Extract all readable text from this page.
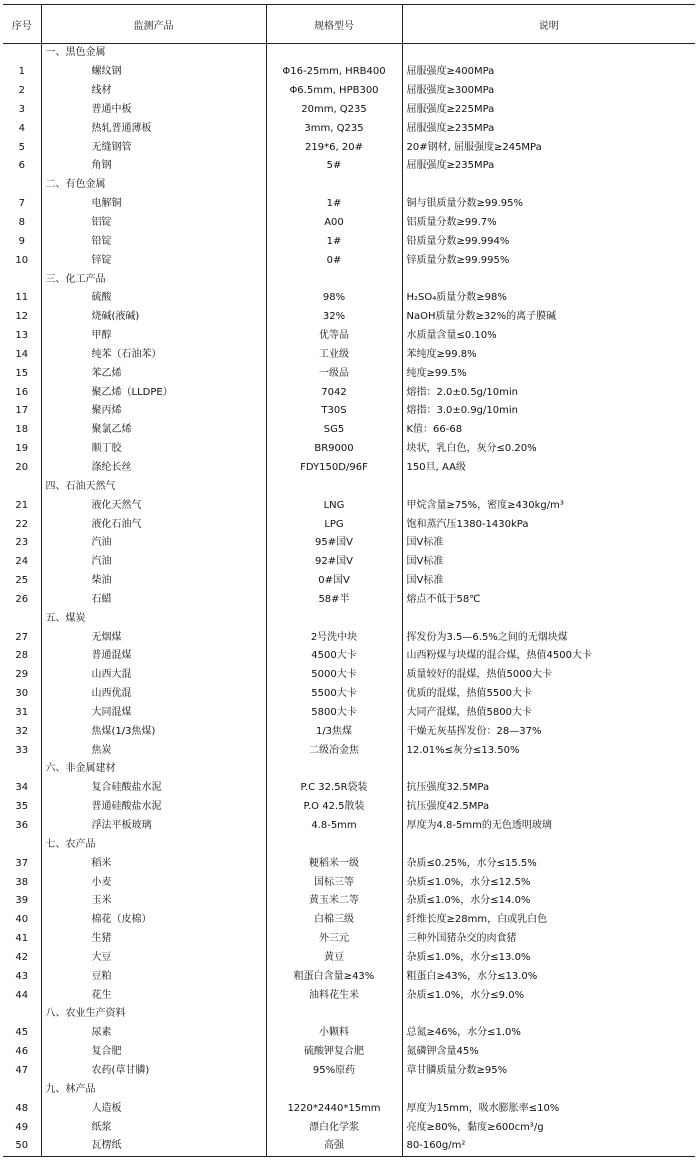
序号	监测产品	规格型号	说明
	一、黑色金属		
1	螺纹钢	Φ16-25mm, HRB400	屈服强度≥400MPa
2	线材	Φ6.5mm, HPB300	屈服强度≥300MPa
3	普通中板	20mm, Q235	屈服强度≥225MPa
4	热轧普通薄板	3mm, Q235	屈服强度≥235MPa
5	无缝钢管	219*6, 20#	20#钢材, 屈服强度≥245MPa
6	角钢	5#	屈服强度≥235MPa
	二、有色金属		
7	电解铜	1#	铜与银质量分数≥99.95%
8	铝锭	A00	铝质量分数≥99.7%
9	铅锭	1#	铅质量分数≥99.994%
10	锌锭	0#	锌质量分数≥99.995%
	三、化工产品		
11	硫酸	98%	H₂SO₄质量分数≥98%
12	烧碱(液碱)	32%	NaOH质量分数≥32%的离子膜碱
13	甲醇	优等品	水质量含量≤0.10%
14	纯苯（石油苯）	工业级	苯纯度≥99.8%
15	苯乙烯	一级品	纯度≥99.5%
16	聚乙烯（LLDPE）	7042	熔指：2.0±0.5g/10min
17	聚丙烯	T30S	熔指：3.0±0.9g/10min
18	聚氯乙烯	SG5	K值：66-68
19	顺丁胶	BR9000	块状，乳白色，灰分≤0.20%
20	涤纶长丝	FDY150D/96F	150旦, AA级
	四、石油天然气		
21	液化天然气	LNG	甲烷含量≥75%，密度≥430kg/m³
22	液化石油气	LPG	饱和蒸汽压1380-1430kPa
23	汽油	95#国Ⅴ	国Ⅴ标准
24	汽油	92#国Ⅴ	国Ⅴ标准
25	柴油	0#国Ⅴ	国Ⅴ标准
26	石蜡	58#半	熔点不低于58℃
	五、煤炭		
27	无烟煤	2号洗中块	挥发份为3.5—6.5%之间的无烟块煤
28	普通混煤	4500大卡	山西粉煤与块煤的混合煤，热值4500大卡
29	山西大混	5000大卡	质量较好的混煤，热值5000大卡
30	山西优混	5500大卡	优质的混煤，热值5500大卡
31	大同混煤	5800大卡	大同产混煤，热值5800大卡
32	焦煤(1/3焦煤)	1/3焦煤	干燥无灰基挥发份：28—37%
33	焦炭	二级冶金焦	12.01%≤灰分≤13.50%
	六、非金属建材		
34	复合硅酸盐水泥	P.C 32.5R袋装	抗压强度32.5MPa
35	普通硅酸盐水泥	P.O 42.5散装	抗压强度42.5MPa
36	浮法平板玻璃	4.8-5mm	厚度为4.8-5mm的无色透明玻璃
	七、农产品		
37	稻米	粳稻米一级	杂质≤0.25%，水分≤15.5%
38	小麦	国标三等	杂质≤1.0%，水分≤12.5%
39	玉米	黄玉米二等	杂质≤1.0%，水分≤14.0%
40	棉花（皮棉）	白棉三级	纤维长度≥28mm，白或乳白色
41	生猪	外三元	三种外国猪杂交的肉食猪
42	大豆	黄豆	杂质≤1.0%，水分≤13.0%
43	豆粕	粗蛋白含量≥43%	粗蛋白≥43%，水分≤13.0%
44	花生	油料花生米	杂质≤1.0%，水分≤9.0%
	八、农业生产资料		
45	尿素	小颗料	总氮≥46%，水分≤1.0%
46	复合肥	硫酸钾复合肥	氮磷钾含量45%
47	农药(草甘膦)	95%原药	草甘膦质量分数≥95%
	九、林产品		
48	人造板	1220*2440*15mm	厚度为15mm，吸水膨胀率≤10%
49	纸浆	漂白化学浆	亮度≥80%，黏度≥600cm³/g
50	瓦楞纸	高强	80-160g/m²
